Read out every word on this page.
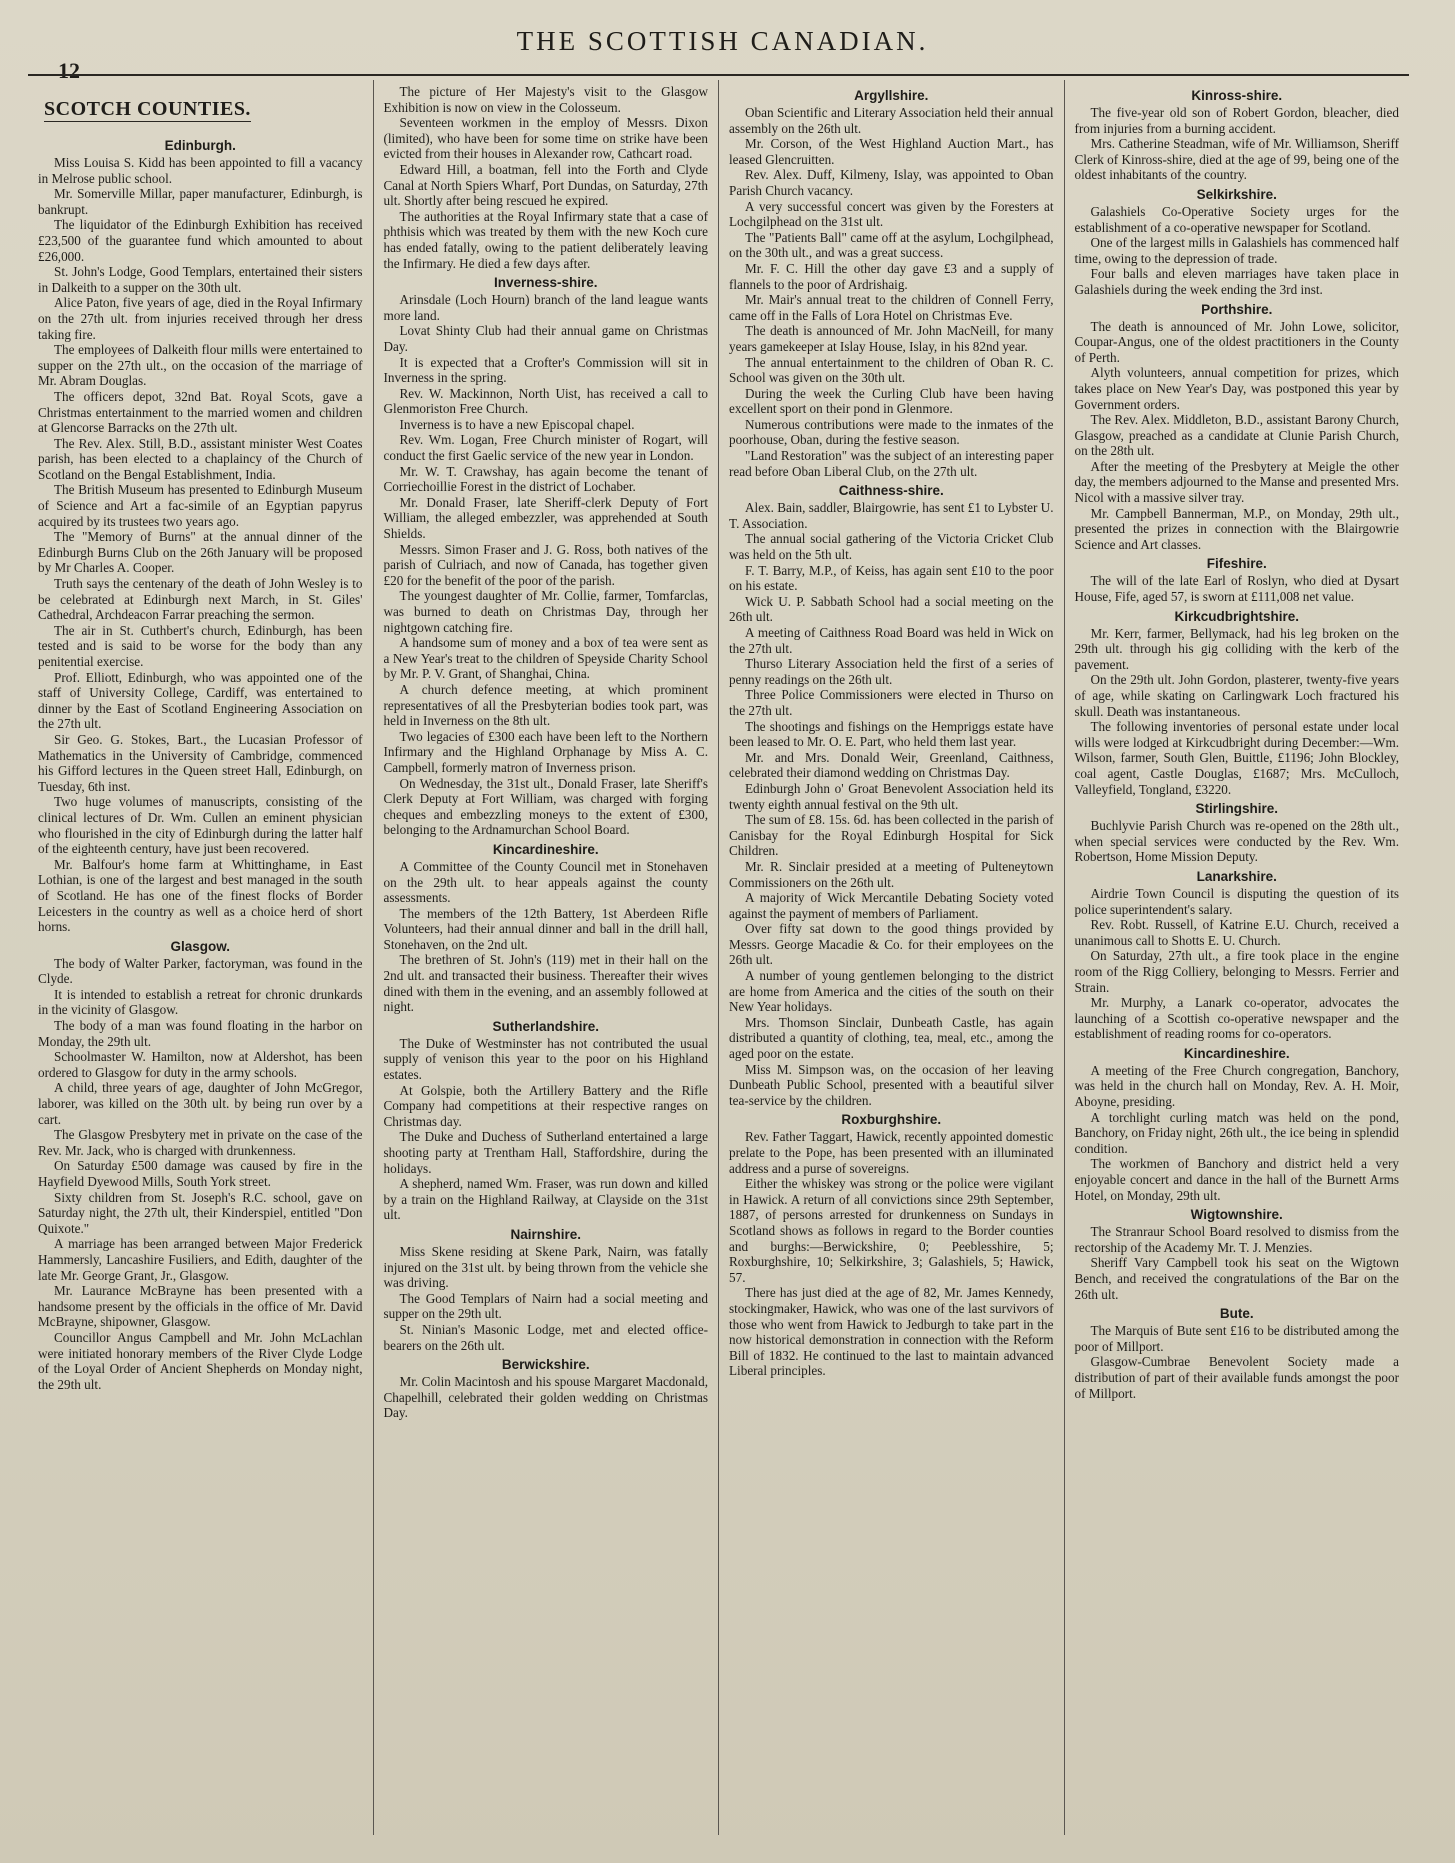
12
THE SCOTTISH CANADIAN.
SCOTCH COUNTIES.
Edinburgh.

Miss Louisa S. Kidd has been appointed to fill a vacancy in Melrose public school.

Mr. Somerville Millar, paper manufacturer, Edinburgh, is bankrupt.

The liquidator of the Edinburgh Exhibition has received £23,500 of the guarantee fund which amounted to about £26,000.

St. John's Lodge, Good Templars, entertained their sisters in Dalkeith to a supper on the 30th ult.

Alice Paton, five years of age, died in the Royal Infirmary on the 27th ult. from injuries received through her dress taking fire.

The employees of Dalkeith flour mills were entertained to supper on the 27th ult., on the occasion of the marriage of Mr. Abram Douglas.

The officers depot, 32nd Bat. Royal Scots, gave a Christmas entertainment to the married women and children at Glencorse Barracks on the 27th ult.

The Rev. Alex. Still, B.D., assistant minister West Coates parish, has been elected to a chaplaincy of the Church of Scotland on the Bengal Establishment, India.

The British Museum has presented to Edinburgh Museum of Science and Art a fac-simile of an Egyptian papyrus acquired by its trustees two years ago.

The "Memory of Burns" at the annual dinner of the Edinburgh Burns Club on the 26th January will be proposed by Mr Charles A. Cooper.

Truth says the centenary of the death of John Wesley is to be celebrated at Edinburgh next March, in St. Giles' Cathedral, Archdeacon Farrar preaching the sermon.

The air in St. Cuthbert's church, Edinburgh, has been tested and is said to be worse for the body than any penitential exercise.

Prof. Elliott, Edinburgh, who was appointed one of the staff of University College, Cardiff, was entertained to dinner by the East of Scotland Engineering Association on the 27th ult.

Sir Geo. G. Stokes, Bart., the Lucasian Professor of Mathematics in the University of Cambridge, commenced his Gifford lectures in the Queen street Hall, Edinburgh, on Tuesday, 6th inst.

Two huge volumes of manuscripts, consisting of the clinical lectures of Dr. Wm. Cullen an eminent physician who flourished in the city of Edinburgh during the latter half of the eighteenth century, have just been recovered.

Mr. Balfour's home farm at Whittinghame, in East Lothian, is one of the largest and best managed in the south of Scotland. He has one of the finest flocks of Border Leicesters in the country as well as a choice herd of short horns.

Glasgow.

The body of Walter Parker, factoryman, was found in the Clyde.

It is intended to establish a retreat for chronic drunkards in the vicinity of Glasgow.

The body of a man was found floating in the harbor on Monday, the 29th ult.

Schoolmaster W. Hamilton, now at Aldershot, has been ordered to Glasgow for duty in the army schools.

A child, three years of age, daughter of John McGregor, laborer, was killed on the 30th ult. by being run over by a cart.

The Glasgow Presbytery met in private on the case of the Rev. Mr. Jack, who is charged with drunkenness.

On Saturday £500 damage was caused by fire in the Hayfield Dyewood Mills, South York street.

Sixty children from St. Joseph's R.C. school, gave on Saturday night, the 27th ult, their Kinderspiel, entitled "Don Quixote."

A marriage has been arranged between Major Frederick Hammersly, Lancashire Fusiliers, and Edith, daughter of the late Mr. George Grant, Jr., Glasgow.

Mr. Laurance McBrayne has been presented with a handsome present by the officials in the office of Mr. David McBrayne, shipowner, Glasgow.

Councillor Angus Campbell and Mr. John McLachlan were initiated honorary members of the River Clyde Lodge of the Loyal Order of Ancient Shepherds on Monday night, the 29th ult.

The picture of Her Majesty's visit to the Glasgow Exhibition is now on view in the Colosseum.

Seventeen workmen in the employ of Messrs. Dixon (limited), who have been for some time on strike have been evicted from their houses in Alexander row, Cathcart road.

Edward Hill, a boatman, fell into the Forth and Clyde Canal at North Spiers Wharf, Port Dundas, on Saturday, 27th ult. Shortly after being rescued he expired.

The authorities at the Royal Infirmary state that a case of phthisis which was treated by them with the new Koch cure has ended fatally, owing to the patient deliberately leaving the Infirmary. He died a few days after.

Inverness-shire.

Arinsdale (Loch Hourn) branch of the land league wants more land.

Lovat Shinty Club had their annual game on Christmas Day.

It is expected that a Crofter's Commission will sit in Inverness in the spring.

Rev. W. Mackinnon, North Uist, has received a call to Glenmoriston Free Church.

Inverness is to have a new Episcopal chapel.

Rev. Wm. Logan, Free Church minister of Rogart, will conduct the first Gaelic service of the new year in London.

Mr. W. T. Crawshay, has again become the tenant of Corriechoillie Forest in the district of Lochaber.

Mr. Donald Fraser, late Sheriff-clerk Deputy of Fort William, the alleged embezzler, was apprehended at South Shields.

Messrs. Simon Fraser and J. G. Ross, both natives of the parish of Culriach, and now of Canada, has together given £20 for the benefit of the poor of the parish.

The youngest daughter of Mr. Collie, farmer, Tomfarclas, was burned to death on Christmas Day, through her nightgown catching fire.

A handsome sum of money and a box of tea were sent as a New Year's treat to the children of Speyside Charity School by Mr. P. V. Grant, of Shanghai, China.

A church defence meeting, at which prominent representatives of all the Presbyterian bodies took part, was held in Inverness on the 8th ult.

Two legacies of £300 each have been left to the Northern Infirmary and the Highland Orphanage by Miss A. C. Campbell, formerly matron of Inverness prison.

On Wednesday, the 31st ult., Donald Fraser, late Sheriff's Clerk Deputy at Fort William, was charged with forging cheques and embezzling moneys to the extent of £300, belonging to the Ardnamurchan School Board.

Kincardineshire.

A Committee of the County Council met in Stonehaven on the 29th ult. to hear appeals against the county assessments.

The members of the 12th Battery, 1st Aberdeen Rifle Volunteers, had their annual dinner and ball in the drill hall, Stonehaven, on the 2nd ult.

The brethren of St. John's (119) met in their hall on the 2nd ult. and transacted their business. Thereafter their wives dined with them in the evening, and an assembly followed at night.

Sutherlandshire.

The Duke of Westminster has not contributed the usual supply of venison this year to the poor on his Highland estates.

At Golspie, both the Artillery Battery and the Rifle Company had competitions at their respective ranges on Christmas day.

The Duke and Duchess of Sutherland entertained a large shooting party at Trentham Hall, Staffordshire, during the holidays.

A shepherd, named Wm. Fraser, was run down and killed by a train on the Highland Railway, at Clayside on the 31st ult.

Nairnshire.

Miss Skene residing at Skene Park, Nairn, was fatally injured on the 31st ult. by being thrown from the vehicle she was driving.

The Good Templars of Nairn had a social meeting and supper on the 29th ult.

St. Ninian's Masonic Lodge, met and elected office-bearers on the 26th ult.

Berwickshire.

Mr. Colin Macintosh and his spouse Margaret Macdonald, Chapelhill, celebrated their golden wedding on Christmas Day.

Argyllshire.

Oban Scientific and Literary Association held their annual assembly on the 26th ult.

Mr. Corson, of the West Highland Auction Mart., has leased Glencruitten.

Rev. Alex. Duff, Kilmeny, Islay, was appointed to Oban Parish Church vacancy.

A very successful concert was given by the Foresters at Lochgilphead on the 31st ult.

The "Patients Ball" came off at the asylum, Lochgilphead, on the 30th ult., and was a great success.

Mr. F. C. Hill the other day gave £3 and a supply of flannels to the poor of Ardrishaig.

Mr. Mair's annual treat to the children of Connell Ferry, came off in the Falls of Lora Hotel on Christmas Eve.

The death is announced of Mr. John MacNeill, for many years gamekeeper at Islay House, Islay, in his 82nd year.

The annual entertainment to the children of Oban R. C. School was given on the 30th ult.

During the week the Curling Club have been having excellent sport on their pond in Glenmore.

Numerous contributions were made to the inmates of the poorhouse, Oban, during the festive season.

"Land Restoration" was the subject of an interesting paper read before Oban Liberal Club, on the 27th ult.

Caithness-shire.

Alex. Bain, saddler, Blairgowrie, has sent £1 to Lybster U. T. Association.

The annual social gathering of the Victoria Cricket Club was held on the 5th ult.

F. T. Barry, M.P., of Keiss, has again sent £10 to the poor on his estate.

Wick U. P. Sabbath School had a social meeting on the 26th ult.

A meeting of Caithness Road Board was held in Wick on the 27th ult.

Thurso Literary Association held the first of a series of penny readings on the 26th ult.

Three Police Commissioners were elected in Thurso on the 27th ult.

The shootings and fishings on the Hempriggs estate have been leased to Mr. O. E. Part, who held them last year.

Mr. and Mrs. Donald Weir, Greenland, Caithness, celebrated their diamond wedding on Christmas Day.

Edinburgh John o' Groat Benevolent Association held its twenty eighth annual festival on the 9th ult.

The sum of £8. 15s. 6d. has been collected in the parish of Canisbay for the Royal Edinburgh Hospital for Sick Children.

Mr. R. Sinclair presided at a meeting of Pulteneytown Commissioners on the 26th ult.

A majority of Wick Mercantile Debating Society voted against the payment of members of Parliament.

Over fifty sat down to the good things provided by Messrs. George Macadie & Co. for their employees on the 26th ult.

A number of young gentlemen belonging to the district are home from America and the cities of the south on their New Year holidays.

Mrs. Thomson Sinclair, Dunbeath Castle, has again distributed a quantity of clothing, tea, meal, etc., among the aged poor on the estate.

Miss M. Simpson was, on the occasion of her leaving Dunbeath Public School, presented with a beautiful silver tea-service by the children.

Roxburghshire.

Rev. Father Taggart, Hawick, recently appointed domestic prelate to the Pope, has been presented with an illuminated address and a purse of sovereigns.

Either the whiskey was strong or the police were vigilant in Hawick. A return of all convictions since 29th September, 1887, of persons arrested for drunkenness on Sundays in Scotland shows as follows in regard to the Border counties and burghs:—Berwickshire, 0; Peeblesshire, 5; Roxburghshire, 10; Selkirkshire, 3; Galashiels, 5; Hawick, 57.

There has just died at the age of 82, Mr. James Kennedy, stockingmaker, Hawick, who was one of the last survivors of those who went from Hawick to Jedburgh to take part in the now historical demonstration in connection with the Reform Bill of 1832. He continued to the last to maintain advanced Liberal principles.

Kinross-shire.

The five-year old son of Robert Gordon, bleacher, died from injuries from a burning accident.

Mrs. Catherine Steadman, wife of Mr. Williamson, Sheriff Clerk of Kinross-shire, died at the age of 99, being one of the oldest inhabitants of the country.

Selkirkshire.

Galashiels Co-Operative Society urges for the establishment of a co-operative newspaper for Scotland.

One of the largest mills in Galashiels has commenced half time, owing to the depression of trade.

Four balls and eleven marriages have taken place in Galashiels during the week ending the 3rd inst.

Porthshire.

The death is announced of Mr. John Lowe, solicitor, Coupar-Angus, one of the oldest practitioners in the County of Perth.

Alyth volunteers, annual competition for prizes, which takes place on New Year's Day, was postponed this year by Government orders.

The Rev. Alex. Middleton, B.D., assistant Barony Church, Glasgow, preached as a candidate at Clunie Parish Church, on the 28th ult.

After the meeting of the Presbytery at Meigle the other day, the members adjourned to the Manse and presented Mrs. Nicol with a massive silver tray.

Mr. Campbell Bannerman, M.P., on Monday, 29th ult., presented the prizes in connection with the Blairgowrie Science and Art classes.

Fifeshire.

The will of the late Earl of Roslyn, who died at Dysart House, Fife, aged 57, is sworn at £111,008 net value.

Kirkcudbrightshire.

Mr. Kerr, farmer, Bellymack, had his leg broken on the 29th ult. through his gig colliding with the kerb of the pavement.

On the 29th ult. John Gordon, plasterer, twenty-five years of age, while skating on Carlingwark Loch fractured his skull. Death was instantaneous.

The following inventories of personal estate under local wills were lodged at Kirkcudbright during December:—Wm. Wilson, farmer, South Glen, Buittle, £1196; John Blockley, coal agent, Castle Douglas, £1687; Mrs. McCulloch, Valleyfield, Tongland, £3220.

Stirlingshire.

Buchlyvie Parish Church was re-opened on the 28th ult., when special services were conducted by the Rev. Wm. Robertson, Home Mission Deputy.

Lanarkshire.

Airdrie Town Council is disputing the question of its police superintendent's salary.

Rev. Robt. Russell, of Katrine E.U. Church, received a unanimous call to Shotts E. U. Church.

On Saturday, 27th ult., a fire took place in the engine room of the Rigg Colliery, belonging to Messrs. Ferrier and Strain.

Mr. Murphy, a Lanark co-operator, advocates the launching of a Scottish co-operative newspaper and the establishment of reading rooms for co-operators.

Kincardineshire.

A meeting of the Free Church congregation, Banchory, was held in the church hall on Monday, Rev. A. H. Moir, Aboyne, presiding.

A torchlight curling match was held on the pond, Banchory, on Friday night, 26th ult., the ice being in splendid condition.

The workmen of Banchory and district held a very enjoyable concert and dance in the hall of the Burnett Arms Hotel, on Monday, 29th ult.

Wigtownshire.

The Stranraur School Board resolved to dismiss from the rectorship of the Academy Mr. T. J. Menzies.

Sheriff Vary Campbell took his seat on the Wigtown Bench, and received the congratulations of the Bar on the 26th ult.

Bute.

The Marquis of Bute sent £16 to be distributed among the poor of Millport.

Glasgow-Cumbrae Benevolent Society made a distribution of part of their available funds amongst the poor of Millport.
